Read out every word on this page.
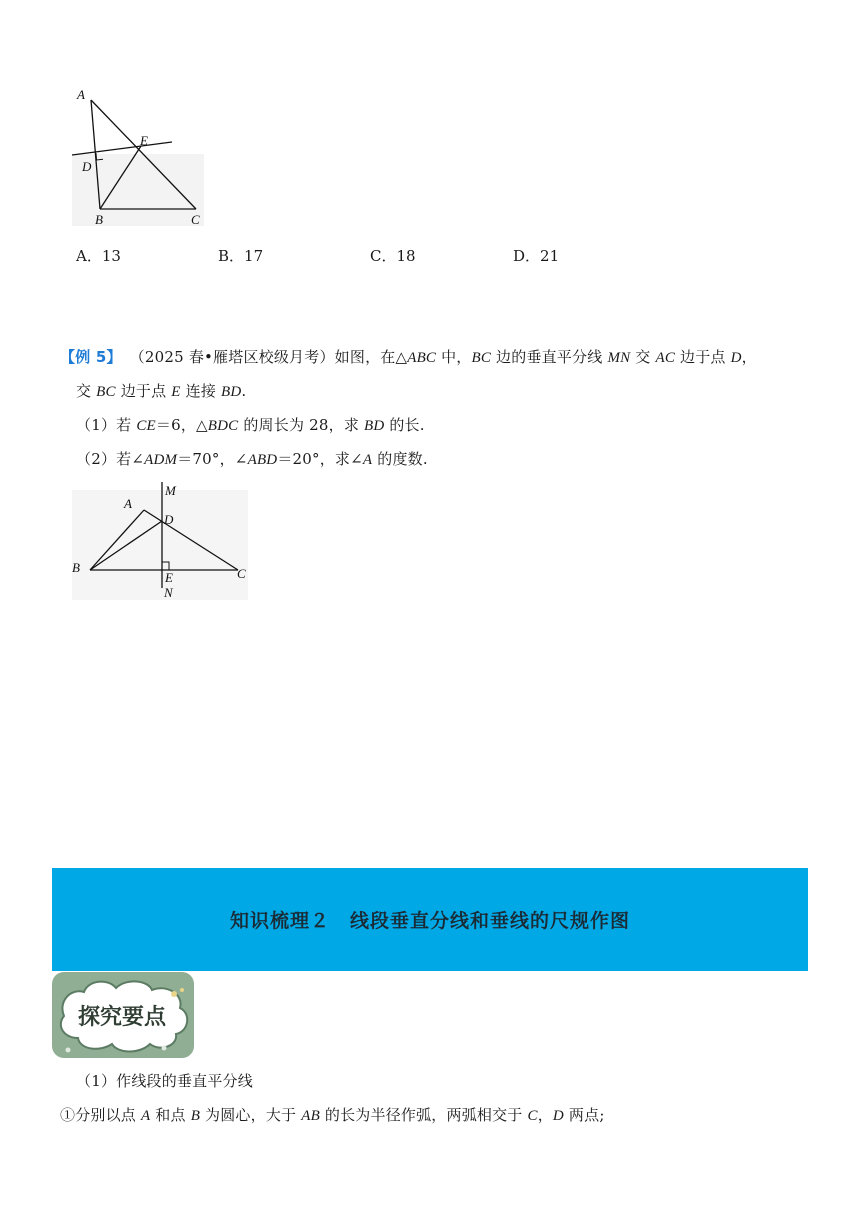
A
E
D
B	C
A．13	B．17	C．18	D．21
【例 5】 （2025 春•雁塔区校级月考）如图，在△ABC 中，BC 边的垂直平分线 MN 交 AC 边于点 D，
交 BC 边于点 E 连接 BD.
（1）若 CE＝6，△BDC 的周长为 28，求 BD 的长.
（2）若∠ADM＝70°，∠ABD＝20°，求∠A 的度数.
M
A
D
B
E	C
N
知识梳理２　线段垂直分线和垂线的尺规作图
探究要点
（1）作线段的垂直平分线
①分别以点 A 和点 B 为圆心，大于 AB 的长为半径作弧，两弧相交于 C，D 两点;
